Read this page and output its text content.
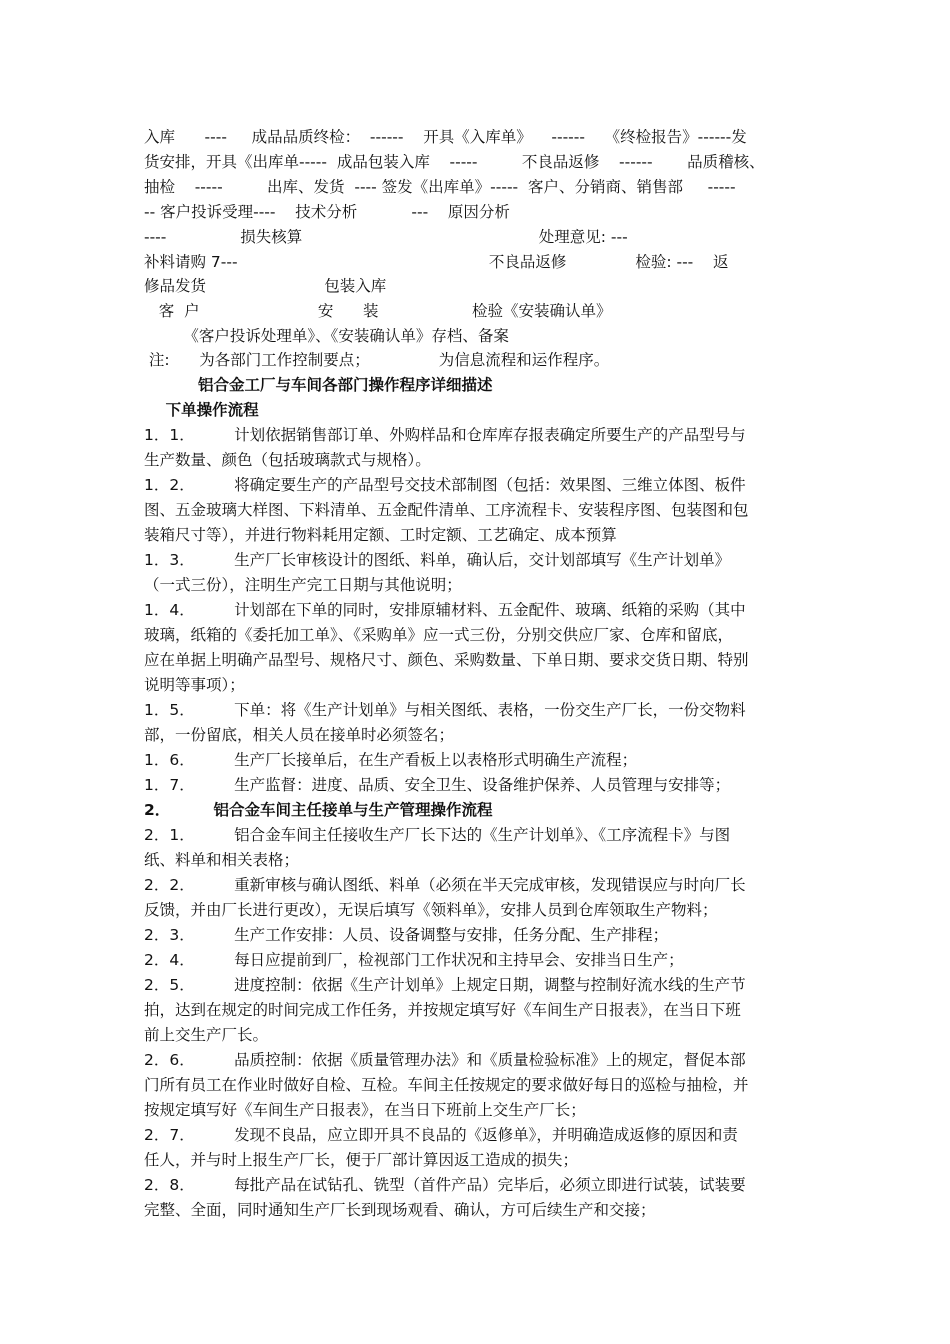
入库      ----     成品品质终检：  ------    开具《入库单》    ------    《终检报告》------发
货安排，开具《出库单-----  成品包装入库    -----         不良品返修    ------       品质稽核、
抽检    -----         出库、发货  ---- 签发《出库单》-----  客户、分销商、销售部     -----
-- 客户投诉受理----    技术分析           ---    原因分析
----               损失核算                                                处理意见: ---
补料请购 7---                                                   不良品返修              检验: ---    返
修品发货                        包装入库
客  户                        安      装                   检验《安装确认单》
《客户投诉处理单》、《安装确认单》存档、备案
注:      为各部门工作控制要点；              为信息流程和运作程序。
铝合金工厂与车间各部门操作程序详细描述
下单操作流程
1．1．        计划依据销售部订单、外购样品和仓库库存报表确定所要生产的产品型号与
生产数量、颜色（包括玻璃款式与规格）。
1．2．        将确定要生产的产品型号交技术部制图（包括：效果图、三维立体图、板件
图、五金玻璃大样图、下料清单、五金配件清单、工序流程卡、安装程序图、包装图和包
装箱尺寸等），并进行物料耗用定额、工时定额、工艺确定、成本预算
1．3．        生产厂长审核设计的图纸、料单，确认后，交计划部填写《生产计划单》
（一式三份），注明生产完工日期与其他说明；
1．4．        计划部在下单的同时，安排原辅材料、五金配件、玻璃、纸箱的采购（其中
玻璃，纸箱的《委托加工单》、《采购单》应一式三份，分别交供应厂家、仓库和留底，
应在单据上明确产品型号、规格尺寸、颜色、采购数量、下单日期、要求交货日期、特别
说明等事项）；
1．5．        下单：将《生产计划单》与相关图纸、表格，一份交生产厂长，一份交物料
部，一份留底，相关人员在接单时必须签名；
1．6．        生产厂长接单后，在生产看板上以表格形式明确生产流程；
1．7．        生产监督：进度、品质、安全卫生、设备维护保养、人员管理与安排等；
2．        铝合金车间主任接单与生产管理操作流程
2．1．        铝合金车间主任接收生产厂长下达的《生产计划单》、《工序流程卡》与图
纸、料单和相关表格；
2．2．        重新审核与确认图纸、料单（必须在半天完成审核，发现错误应与时向厂长
反馈，并由厂长进行更改），无误后填写《领料单》，安排人员到仓库领取生产物料；
2．3．        生产工作安排：人员、设备调整与安排，任务分配、生产排程；
2．4．        每日应提前到厂，检视部门工作状况和主持早会、安排当日生产；
2．5．        进度控制：依据《生产计划单》上规定日期，调整与控制好流水线的生产节
拍，达到在规定的时间完成工作任务，并按规定填写好《车间生产日报表》，在当日下班
前上交生产厂长。
2．6．        品质控制：依据《质量管理办法》和《质量检验标准》上的规定，督促本部
门所有员工在作业时做好自检、互检。车间主任按规定的要求做好每日的巡检与抽检，并
按规定填写好《车间生产日报表》，在当日下班前上交生产厂长；
2．7．        发现不良品，应立即开具不良品的《返修单》，并明确造成返修的原因和责
任人，并与时上报生产厂长，便于厂部计算因返工造成的损失；
2．8．        每批产品在试钻孔、铣型（首件产品）完毕后，必须立即进行试装，试装要
完整、全面，同时通知生产厂长到现场观看、确认，方可后续生产和交接；
